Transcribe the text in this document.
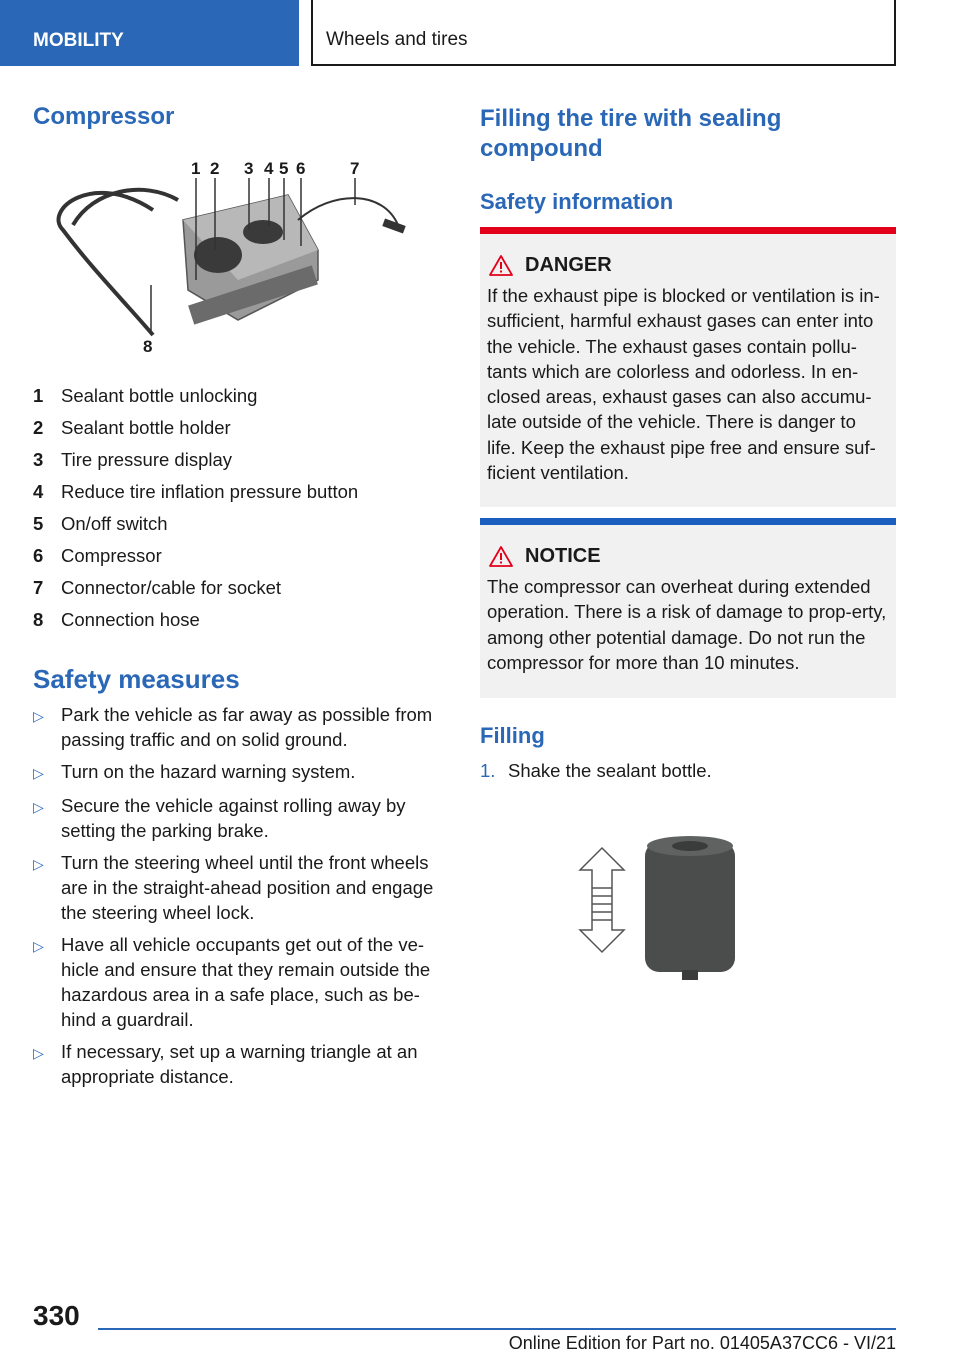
MOBILITY	Wheels and tires
Compressor
1 2 3 4 5 6	7
8
1 Sealant bottle unlocking
2 Sealant bottle holder
3 Tire pressure display
4 Reduce tire inflation pressure button
5 On/off switch
6 Compressor
7 Connector/cable for socket
8 Connection hose
Safety measures
▷ Park the vehicle as far away as possible from passing traffic and on solid ground.
▷ Turn on the hazard warning system.
▷ Secure the vehicle against rolling away by setting the parking brake.
▷ Turn the steering wheel until the front wheels are in the straight-ahead position and engage the steering wheel lock.
▷ Have all vehicle occupants get out of the ve-hicle and ensure that they remain outside the hazardous area in a safe place, such as be-hind a guardrail.
▷ If necessary, set up a warning triangle at an appropriate distance.
Filling the tire with sealing compound
Safety information
DANGER
If the exhaust pipe is blocked or ventilation is in-sufficient, harmful exhaust gases can enter into the vehicle. The exhaust gases contain pollu-tants which are colorless and odorless. In en-closed areas, exhaust gases can also accumu-late outside of the vehicle. There is danger to life. Keep the exhaust pipe free and ensure suf-ficient ventilation.
NOTICE
The compressor can overheat during extended operation. There is a risk of damage to prop-erty, among other potential damage. Do not run the compressor for more than 10 minutes.
Filling
1. Shake the sealant bottle.
330
Online Edition for Part no. 01405A37CC6 - VI/21
